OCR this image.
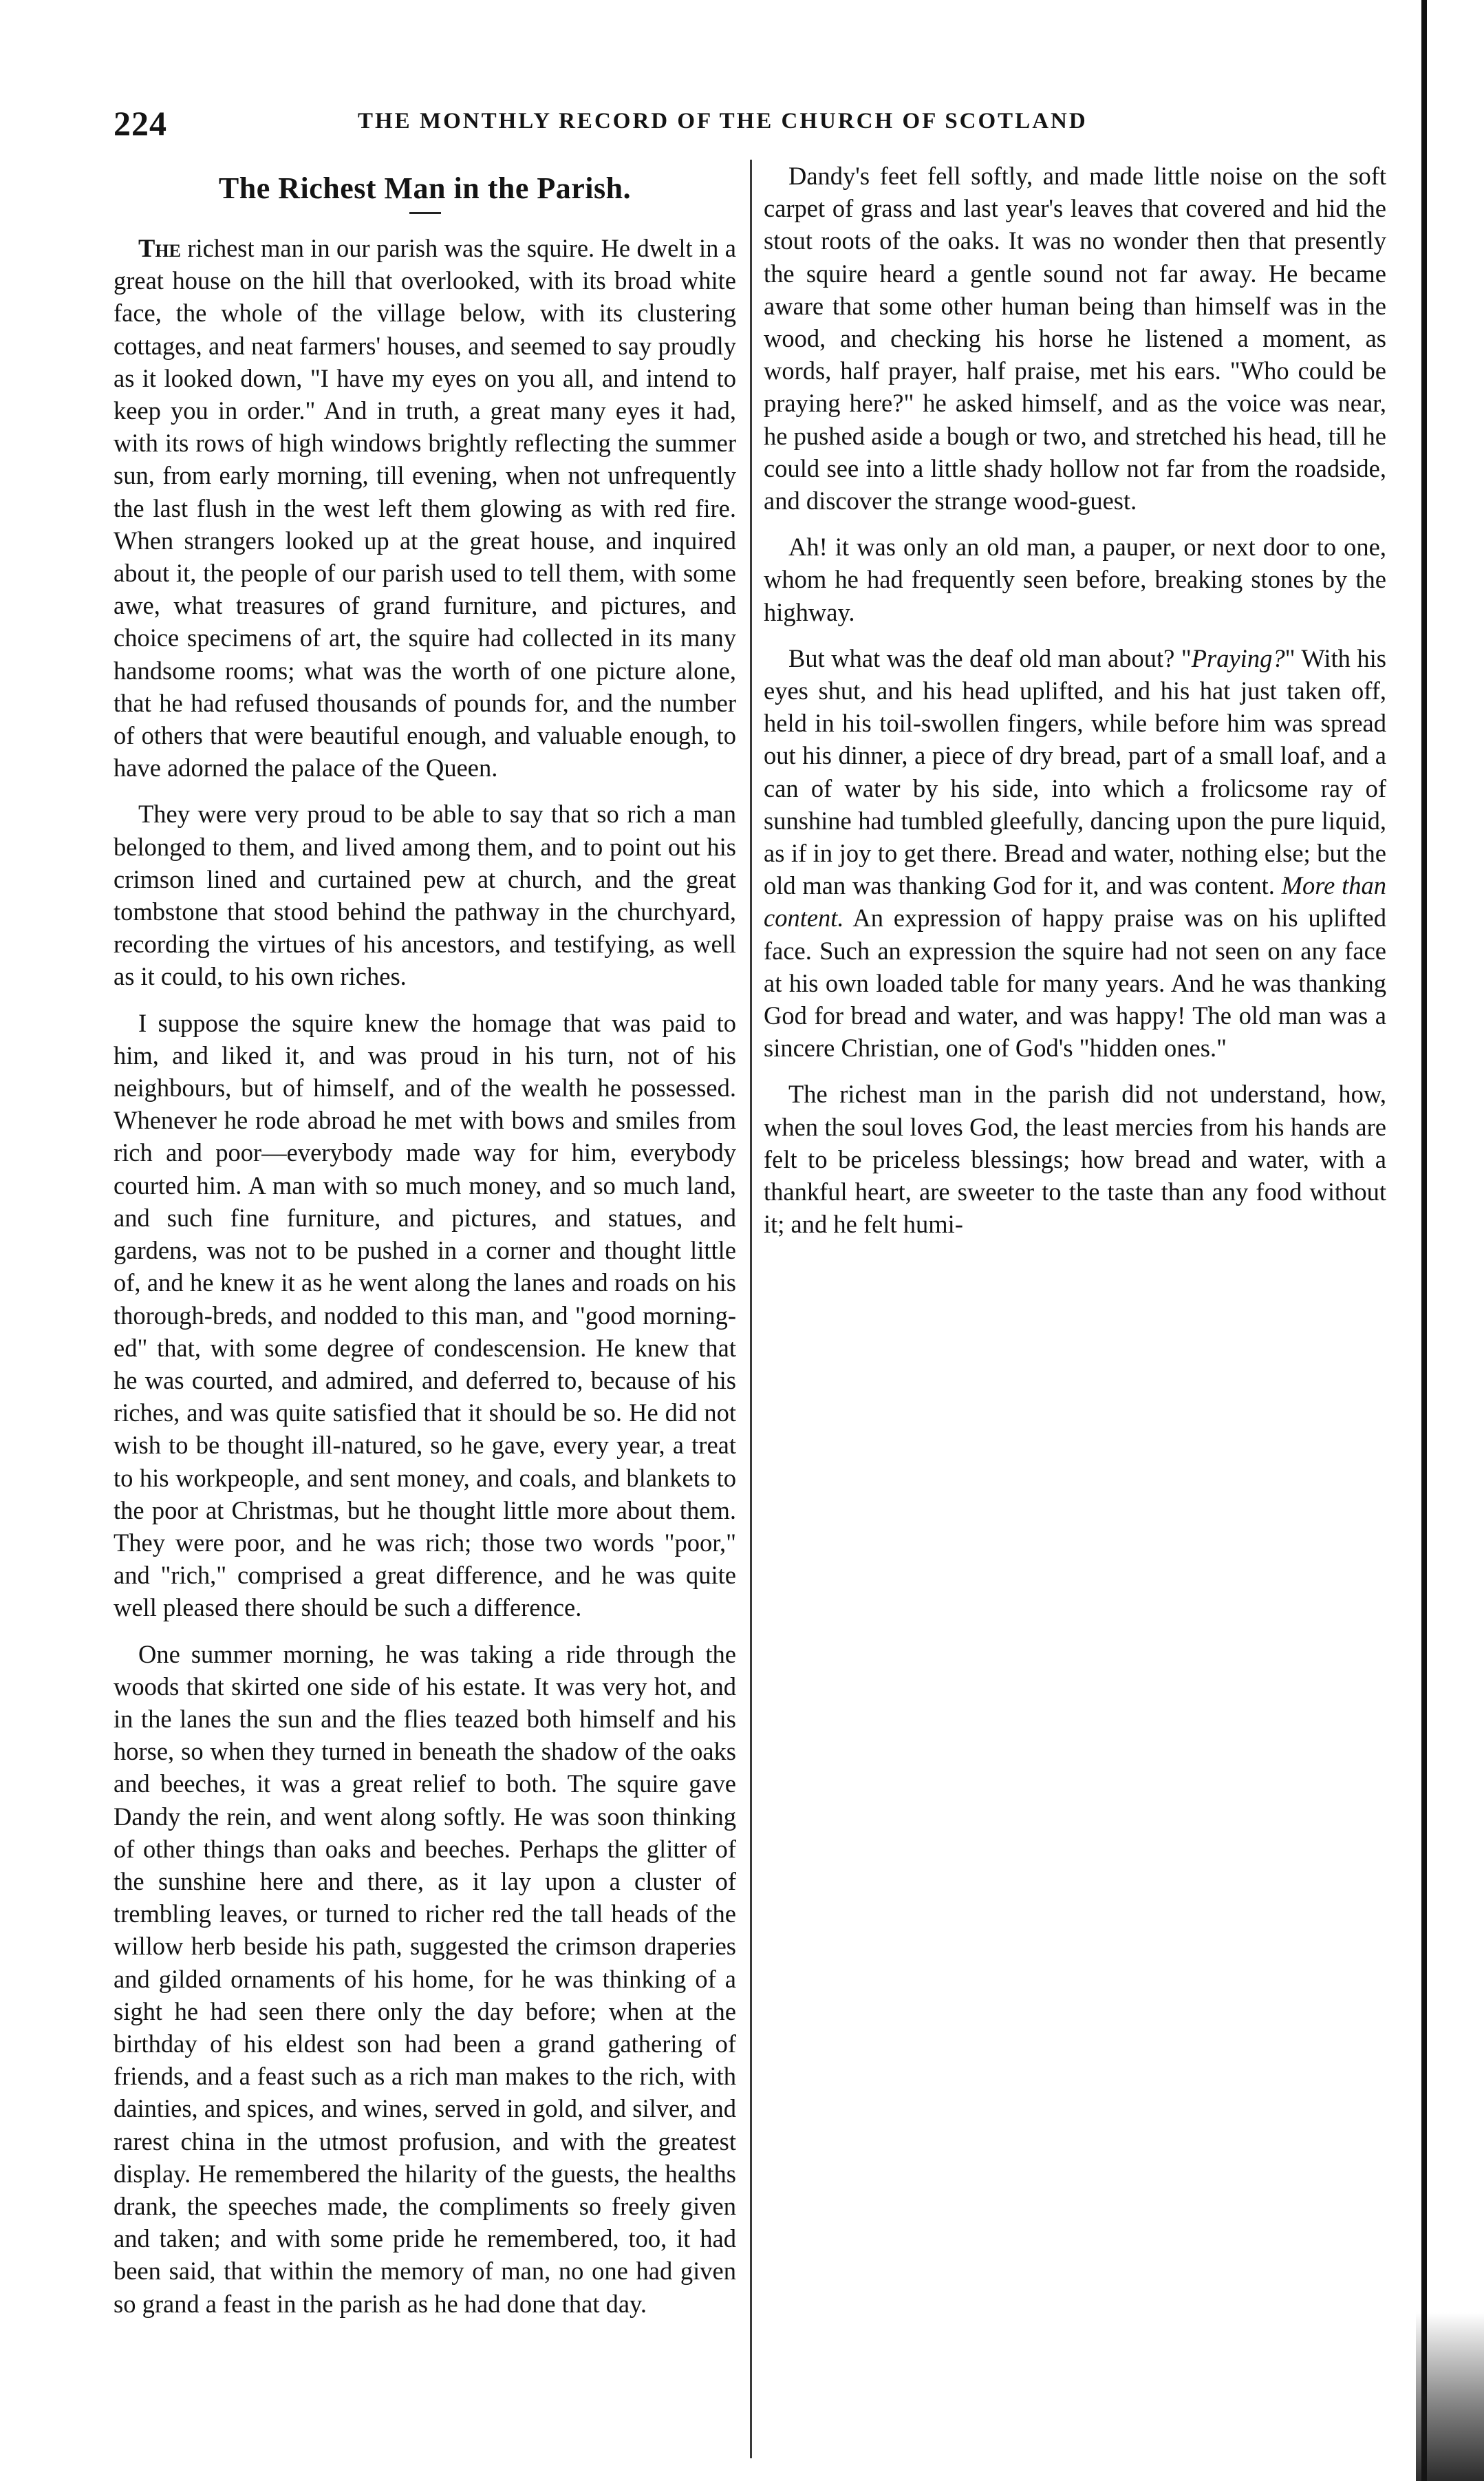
224	THE MONTHLY RECORD OF THE CHURCH OF SCOTLAND
The Richest Man in the Parish.

The richest man in our parish was the squire. He dwelt in a great house on the hill that overlooked, with its broad white face, the whole of the village below, with its clustering cottages, and neat farmers' houses, and seemed to say proudly as it looked down, "I have my eyes on you all, and intend to keep you in order." And in truth, a great many eyes it had, with its rows of high windows brightly reflecting the summer sun, from early morning, till evening, when not unfrequently the last flush in the west left them glowing as with red fire. When strangers looked up at the great house, and inquired about it, the people of our parish used to tell them, with some awe, what treasures of grand furniture, and pictures, and choice specimens of art, the squire had collected in its many handsome rooms; what was the worth of one picture alone, that he had refused thousands of pounds for, and the number of others that were beautiful enough, and valuable enough, to have adorned the palace of the Queen.

They were very proud to be able to say that so rich a man belonged to them, and lived among them, and to point out his crimson lined and curtained pew at church, and the great tombstone that stood behind the pathway in the churchyard, recording the virtues of his ancestors, and testifying, as well as it could, to his own riches.

I suppose the squire knew the homage that was paid to him, and liked it, and was proud in his turn, not of his neighbours, but of himself, and of the wealth he possessed. Whenever he rode abroad he met with bows and smiles from rich and poor—everybody made way for him, everybody courted him. A man with so much money, and so much land, and such fine furniture, and pictures, and statues, and gardens, was not to be pushed in a corner and thought little of, and he knew it as he went along the lanes and roads on his thorough-breds, and nodded to this man, and "good morning-ed" that, with some degree of condescension. He knew that he was courted, and admired, and deferred to, because of his riches, and was quite satisfied that it should be so. He did not wish to be thought ill-natured, so he gave, every year, a treat to his workpeople, and sent money, and coals, and blankets to the poor at Christmas, but he thought little more about them. They were poor, and he was rich; those two words "poor," and "rich," comprised a great difference, and he was quite well pleased there should be such a difference.

One summer morning, he was taking a ride through the woods that skirted one side of his estate. It was very hot, and in the lanes the sun and the flies teazed both himself and his horse, so when they turned in beneath the shadow of the oaks and beeches, it was a great relief to both. The squire gave Dandy the rein, and went along softly. He was soon thinking of other things than oaks and beeches. Perhaps the glitter of the sunshine here and there, as it lay upon a cluster of trembling leaves, or turned to richer red the tall heads of the willow herb beside his path, suggested the crimson draperies and gilded ornaments of his home, for he was thinking of a sight he had seen there only the day before; when at the birthday of his eldest son had been a grand gathering of friends, and a feast such as a rich man makes to the rich, with dainties, and spices, and wines, served in gold, and silver, and rarest china in the utmost profusion, and with the greatest display. He remembered the hilarity of the guests, the healths drank, the speeches made, the compliments so freely given and taken; and with some pride he remembered, too, it had been said, that within the memory of man, no one had given so grand a feast in the parish as he had done that day.

Dandy's feet fell softly, and made little noise on the soft carpet of grass and last year's leaves that covered and hid the stout roots of the oaks. It was no wonder then that presently the squire heard a gentle sound not far away. He became aware that some other human being than himself was in the wood, and checking his horse he listened a moment, as words, half prayer, half praise, met his ears. "Who could be praying here?" he asked himself, and as the voice was near, he pushed aside a bough or two, and stretched his head, till he could see into a little shady hollow not far from the roadside, and discover the strange wood-guest.

Ah! it was only an old man, a pauper, or next door to one, whom he had frequently seen before, breaking stones by the highway.

But what was the deaf old man about? "Praying?" With his eyes shut, and his head uplifted, and his hat just taken off, held in his toil-swollen fingers, while before him was spread out his dinner, a piece of dry bread, part of a small loaf, and a can of water by his side, into which a frolicsome ray of sunshine had tumbled gleefully, dancing upon the pure liquid, as if in joy to get there. Bread and water, nothing else; but the old man was thanking God for it, and was content. More than content. An expression of happy praise was on his uplifted face. Such an expression the squire had not seen on any face at his own loaded table for many years. And he was thanking God for bread and water, and was happy! The old man was a sincere Christian, one of God's "hidden ones."

The richest man in the parish did not understand, how, when the soul loves God, the least mercies from his hands are felt to be priceless blessings; how bread and water, with a thankful heart, are sweeter to the taste than any food without it; and he felt humi-
